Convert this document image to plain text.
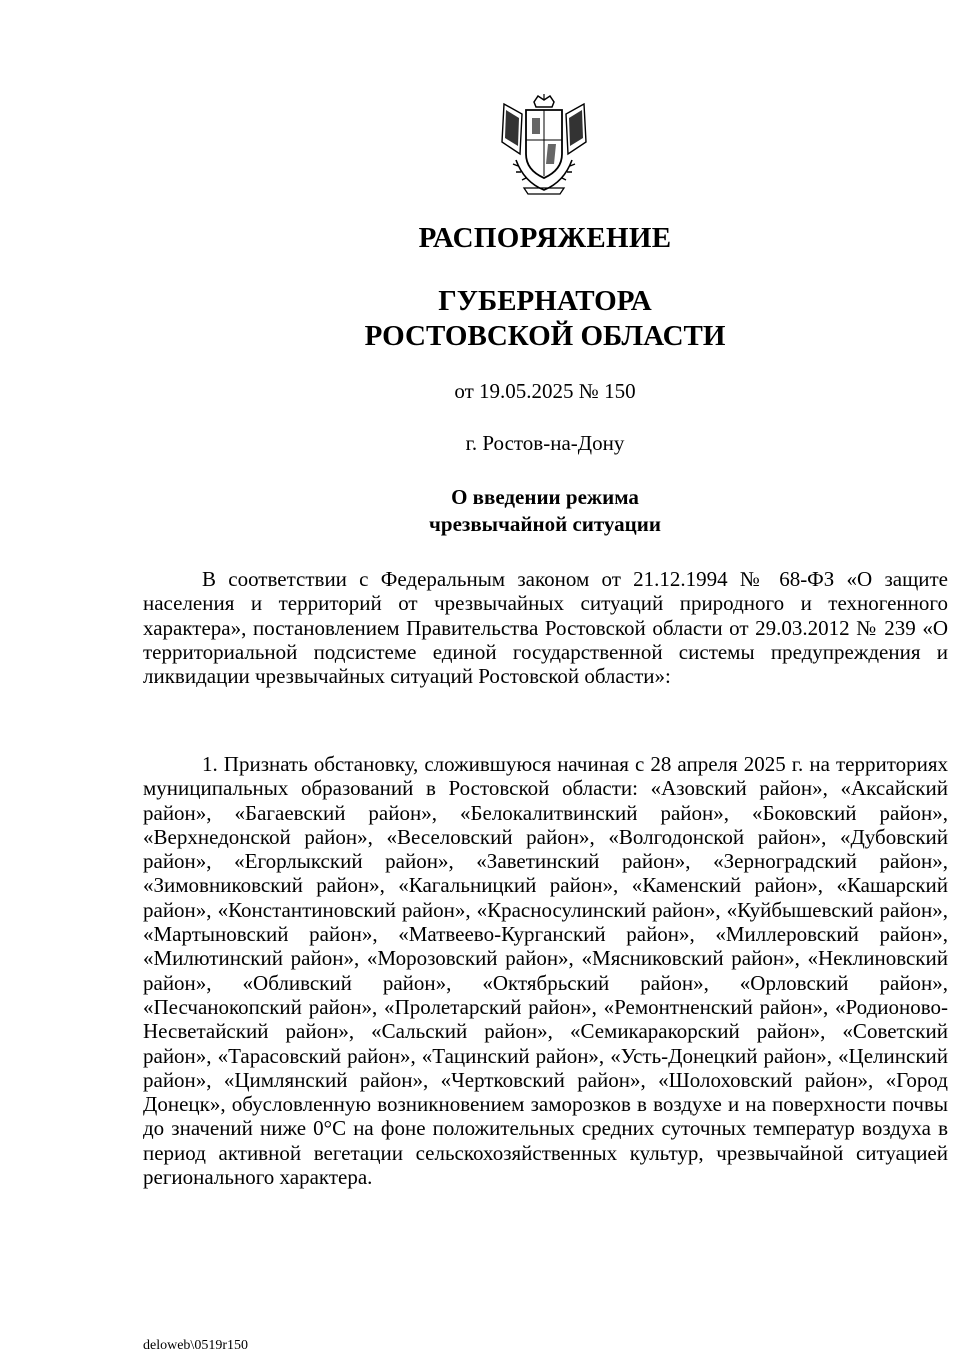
РАСПОРЯЖЕНИЕ
ГУБЕРНАТОРА
РОСТОВСКОЙ ОБЛАСТИ
от 19.05.2025 № 150
г. Ростов-на-Дону
О введении режима
чрезвычайной ситуации

В соответствии с Федеральным законом от 21.12.1994 № 68-ФЗ «О защите населения и территорий от чрезвычайных ситуаций природного и техногенного характера», постановлением Правительства Ростовской области от 29.03.2012 № 239 «О территориальной подсистеме единой государственной системы предупреждения и ликвидации чрезвычайных ситуаций Ростовской области»:

1. Признать обстановку, сложившуюся начиная с 28 апреля 2025 г. на территориях муниципальных образований в Ростовской области: «Азовский район», «Аксайский район», «Багаевский район», «Белокалитвинский район», «Боковский район», «Верхнедонской район», «Веселовский район», «Волгодонской район», «Дубовский район», «Егорлыкский район», «Заветинский район», «Зерноградский район», «Зимовниковский район», «Кагальницкий район», «Каменский район», «Кашарский район», «Константиновский район», «Красносулинский район», «Куйбышевский район», «Мартыновский район», «Матвеево-Курганский район», «Миллеровский район», «Милютинский район», «Морозовский район», «Мясниковский район», «Неклиновский район», «Обливский район», «Октябрьский район», «Орловский район», «Песчанокопский район», «Пролетарский район», «Ремонтненский район», «Родионово-Несветайский район», «Сальский район», «Семикаракорский район», «Советский район», «Тарасовский район», «Тацинский район», «Усть-Донецкий район», «Целинский район», «Цимлянский район», «Чертковский район», «Шолоховский район», «Город Донецк», обусловленную возникновением заморозков в воздухе и на поверхности почвы до значений ниже 0°С на фоне положительных средних суточных температур воздуха в период активной вегетации сельскохозяйственных культур, чрезвычайной ситуацией регионального характера.

deloweb\0519r150
